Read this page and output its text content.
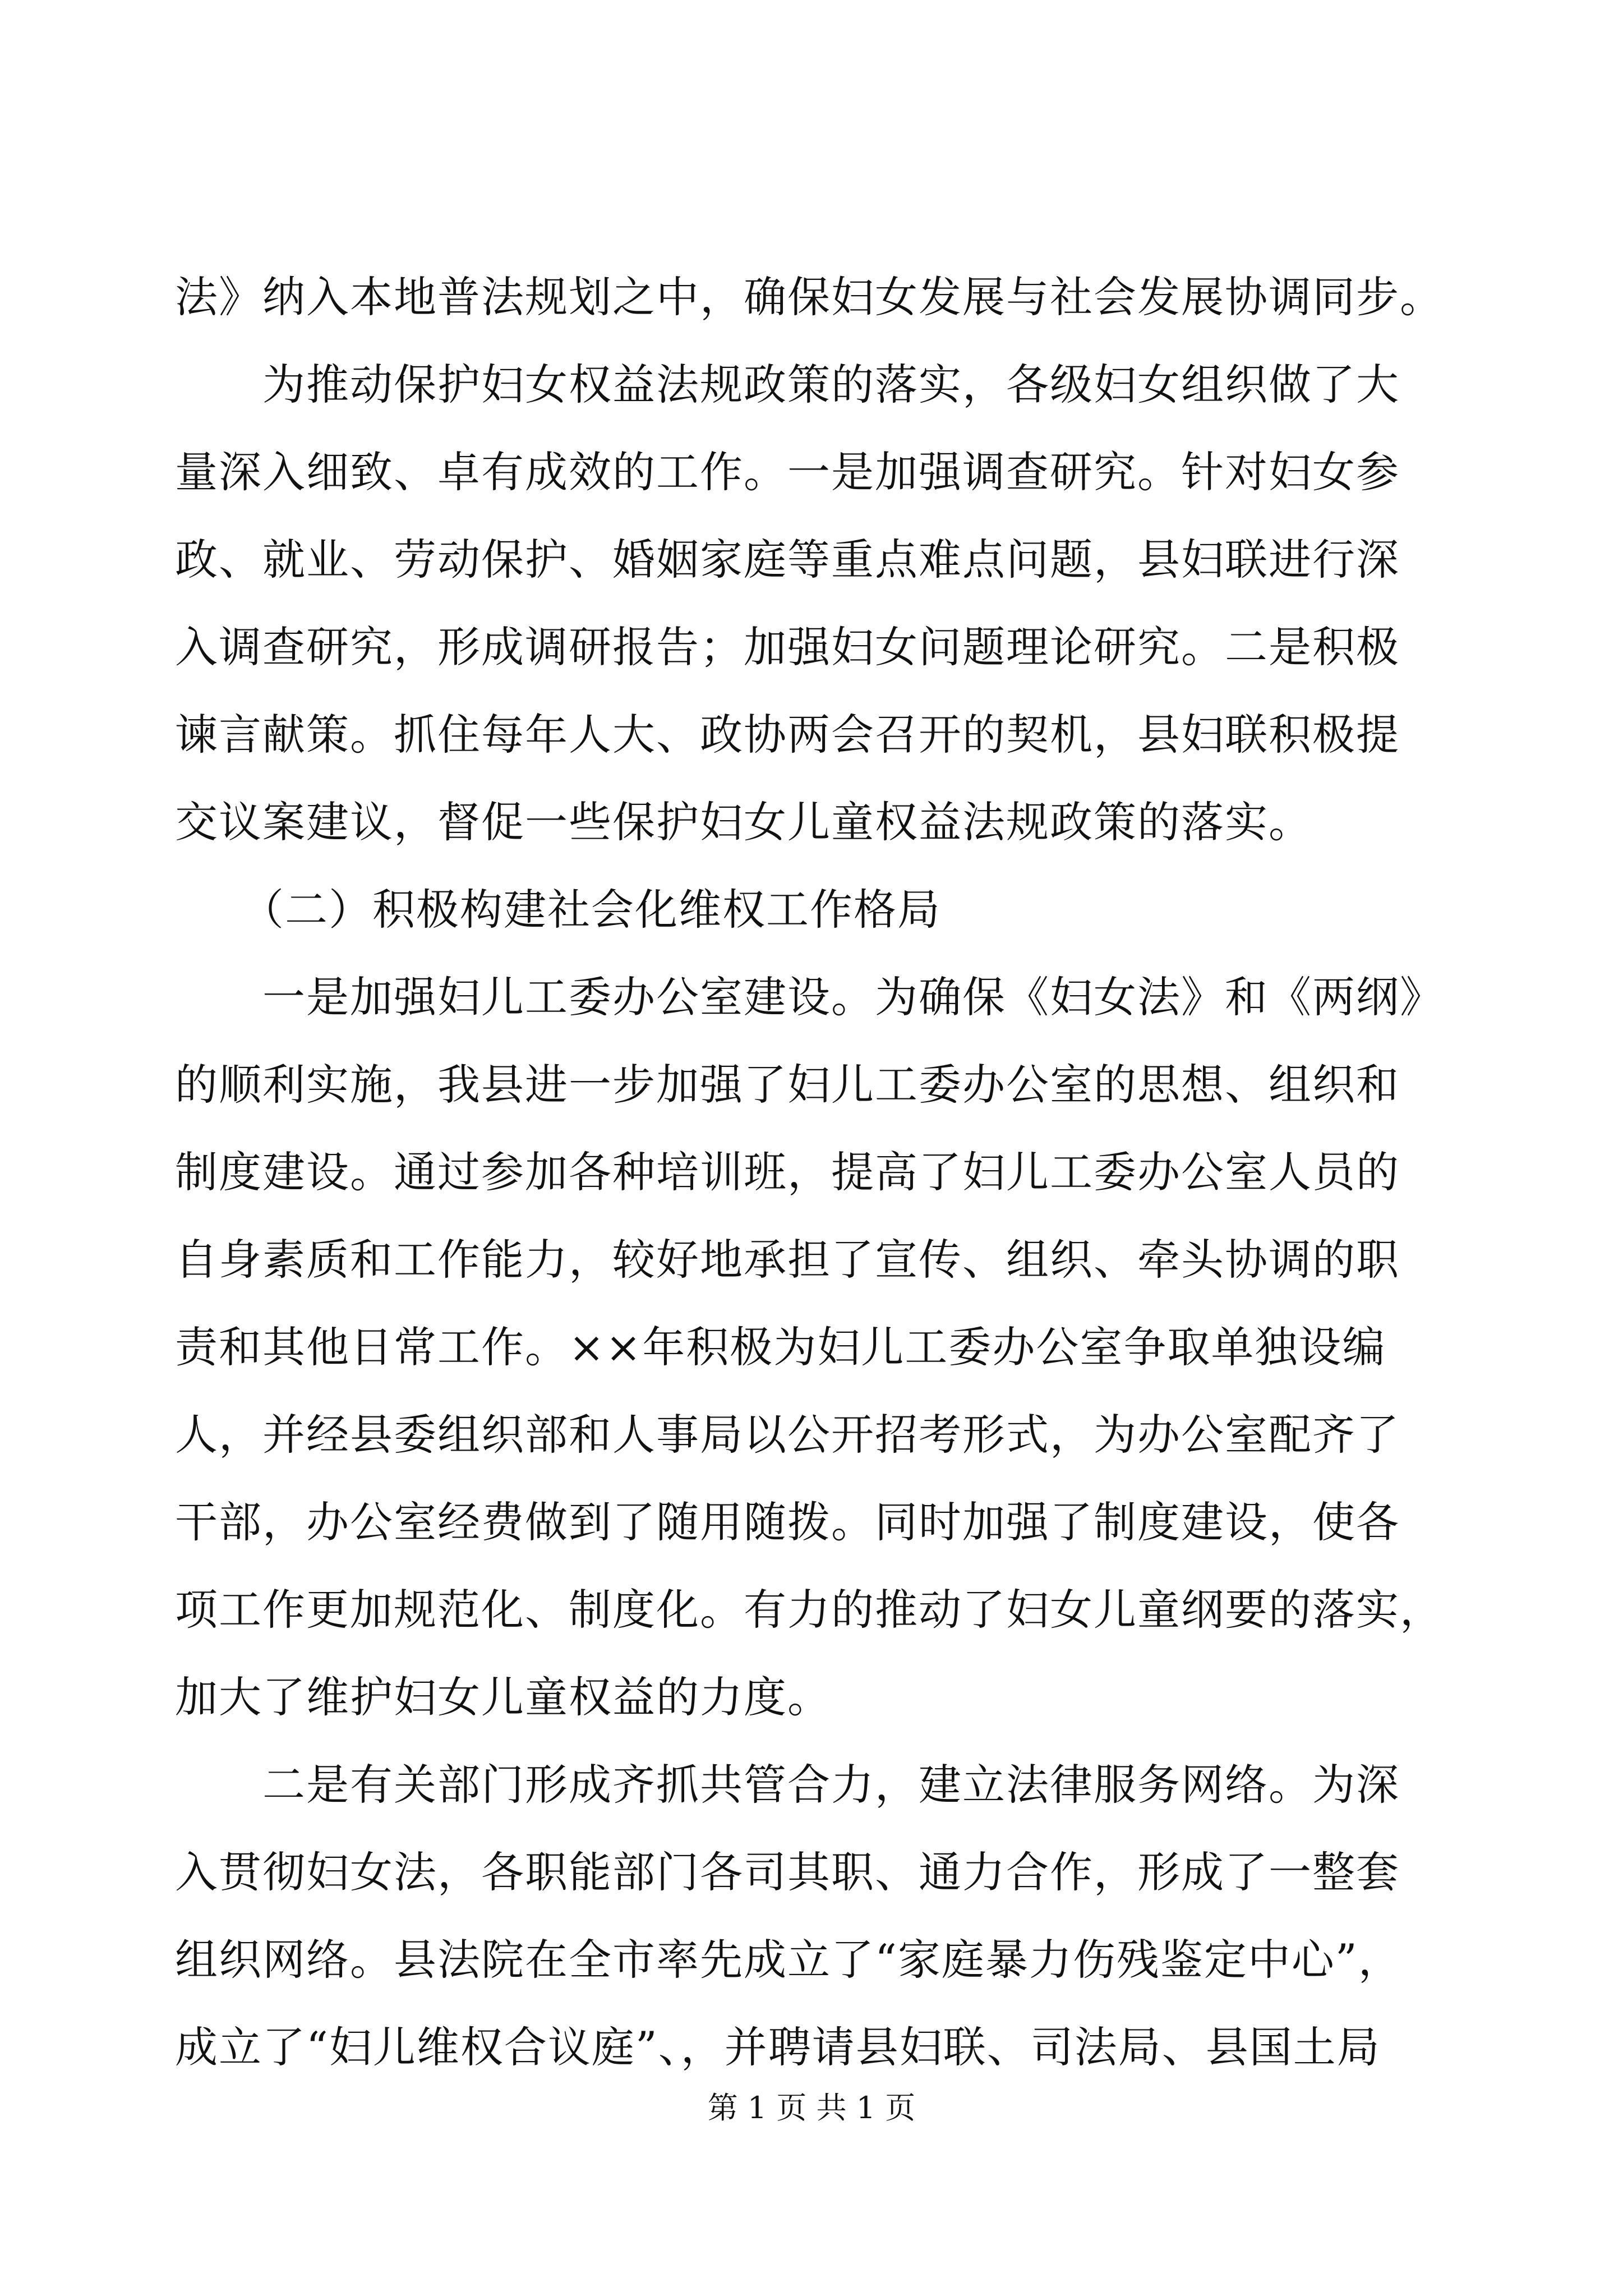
法》纳入本地普法规划之中，确保妇女发展与社会发展协调同步。
　　为推动保护妇女权益法规政策的落实，各级妇女组织做了大
量深入细致、卓有成效的工作。一是加强调查研究。针对妇女参
政、就业、劳动保护、婚姻家庭等重点难点问题，县妇联进行深
入调查研究，形成调研报告；加强妇女问题理论研究。二是积极
谏言献策。抓住每年人大、政协两会召开的契机，县妇联积极提
交议案建议，督促一些保护妇女儿童权益法规政策的落实。
　　（二）积极构建社会化维权工作格局
　　一是加强妇儿工委办公室建设。为确保《妇女法》和《两纲》
的顺利实施，我县进一步加强了妇儿工委办公室的思想、组织和
制度建设。通过参加各种培训班，提高了妇儿工委办公室人员的
自身素质和工作能力，较好地承担了宣传、组织、牵头协调的职
责和其他日常工作。××年积极为妇儿工委办公室争取单独设编
人，并经县委组织部和人事局以公开招考形式，为办公室配齐了
干部，办公室经费做到了随用随拨。同时加强了制度建设，使各
项工作更加规范化、制度化。有力的推动了妇女儿童纲要的落实，
加大了维护妇女儿童权益的力度。
　　二是有关部门形成齐抓共管合力，建立法律服务网络。为深
入贯彻妇女法，各职能部门各司其职、通力合作，形成了一整套
组织网络。县法院在全市率先成立了“家庭暴力伤残鉴定中心”，
成立了“妇儿维权合议庭”、，并聘请县妇联、司法局、县国土局
第 1 页 共 1 页
